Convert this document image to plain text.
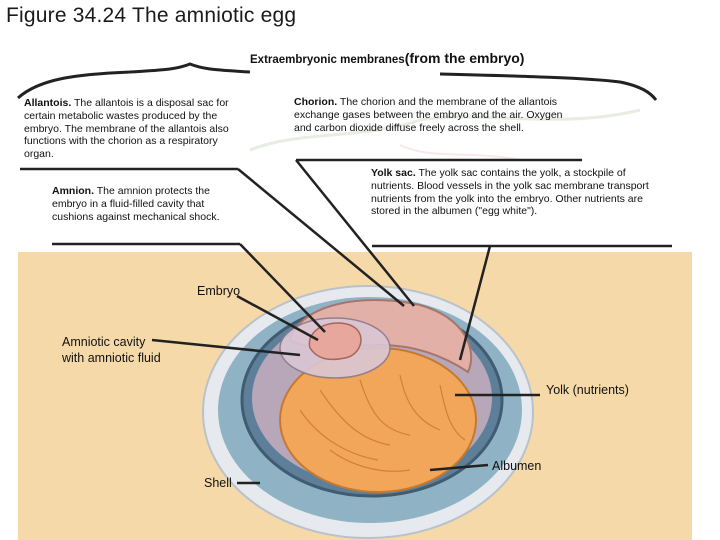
Figure 34.24 The amniotic egg
Extraembryonic membranes(from the embryo)
Allantois. The allantois is a disposal sac for certain metabolic wastes produced by the embryo. The membrane of the allantois also functions with the chorion as a respiratory organ.
Amnion. The amnion protects the embryo in a fluid-filled cavity that cushions against mechanical shock.
Chorion. The chorion and the membrane of the allantois exchange gases between the embryo and the air. Oxygen and carbon dioxide diffuse freely across the shell.
Yolk sac. The yolk sac contains the yolk, a stockpile of nutrients. Blood vessels in the yolk sac membrane transport nutrients from the yolk into the embryo. Other nutrients are stored in the albumen ("egg white").
Embryo
Amniotic cavity
with amniotic fluid
Yolk (nutrients)
Albumen
Shell
